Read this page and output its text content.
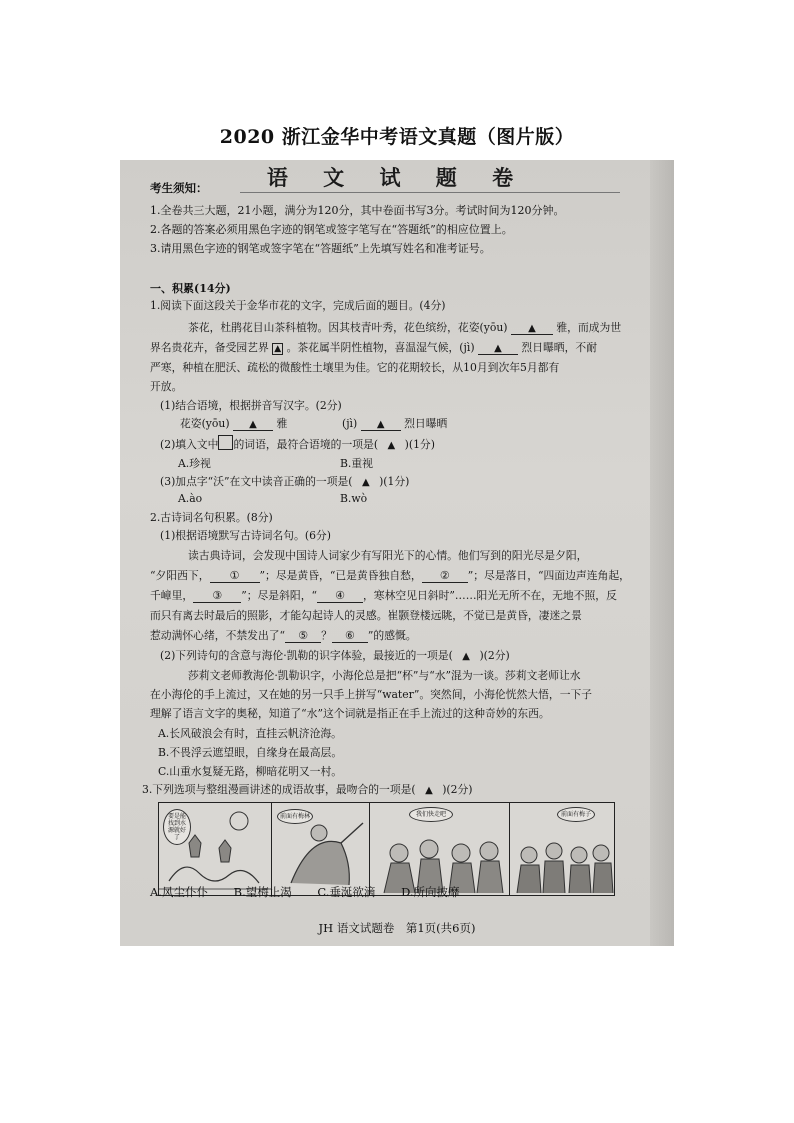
2020 浙江金华中考语文真题（图片版）
语 文 试 题 卷
考生须知：
1.全卷共三大题，21小题，满分为120分，其中卷面书写3分。考试时间为120分钟。
2.各题的答案必须用黑色字迹的钢笔或签字笔写在“答题纸”的相应位置上。
3.请用黑色字迹的钢笔或签字笔在“答题纸”上先填写姓名和准考证号。
一、积累(14分)
1.阅读下面这段关于金华市花的文字，完成后面的题目。(4分)
茶花，杜鹃花目山茶科植物。因其枝青叶秀，花色缤纷，花姿(yōu) ▲ 雅，而成为世
界名贵花卉，备受园艺界 ▲ 。茶花属半阴性植物，喜温湿气候，(jì) ▲ 烈日曝晒，不耐
严寒，种植在肥沃、疏松的微酸性土壤里为佳。它的花期较长，从10月到次年5月都有
开放。
(1)结合语境，根据拼音写汉字。(2分)
花姿(yōu) ▲ 雅	(jì) ▲ 烈日曝晒
(2)填入文中 的词语，最符合语境的一项是( ▲ )(1分)
A.珍视	B.重视
(3)加点字“沃”在文中读音正确的一项是( ▲ )(1分)
A.ào	B.wò
2.古诗词名句积累。(8分)
(1)根据语境默写古诗词名句。(6分)
读古典诗词，会发现中国诗人词家少有写阳光下的心情。他们写到的阳光尽是夕阳，
“夕阳西下， ① ”；尽是黄昏，“已是黄昏独自愁， ② ”；尽是落日，“四面边声连角起，
千嶂里， ③ ”；尽是斜阳，“ ④ ，寒林空见日斜时”……阳光无所不在，无地不照，反
而只有离去时最后的照影，才能勾起诗人的灵感。崔颢登楼远眺，不觉已是黄昏，凄迷之景
惹动满怀心绪，不禁发出了“ ⑤ ？ ⑥ ”的感慨。
(2)下列诗句的含意与海伦·凯勒的识字体验，最接近的一项是( ▲ )(2分)
莎莉文老师教海伦·凯勒识字，小海伦总是把“杯”与“水”混为一谈。莎莉文老师让水
在小海伦的手上流过，又在她的另一只手上拼写“water”。突然间，小海伦恍然大悟，一下子
理解了语言文字的奥秘，知道了“水”这个词就是指正在手上流过的这种奇妙的东西。
A.长风破浪会有时，直挂云帆济沧海。
B.不畏浮云遮望眼，自缘身在最高层。
C.山重水复疑无路，柳暗花明又一村。
3.下列选项与整组漫画讲述的成语故事，最吻合的一项是( ▲ )(2分)
要是能找到水源就好了
前面有梅林	我们快走吧	前面有梅子
A.风尘仆仆 B.望梅止渴 C.垂涎欲滴 D.所向披靡
JH 语文试题卷　第1页(共6页)
